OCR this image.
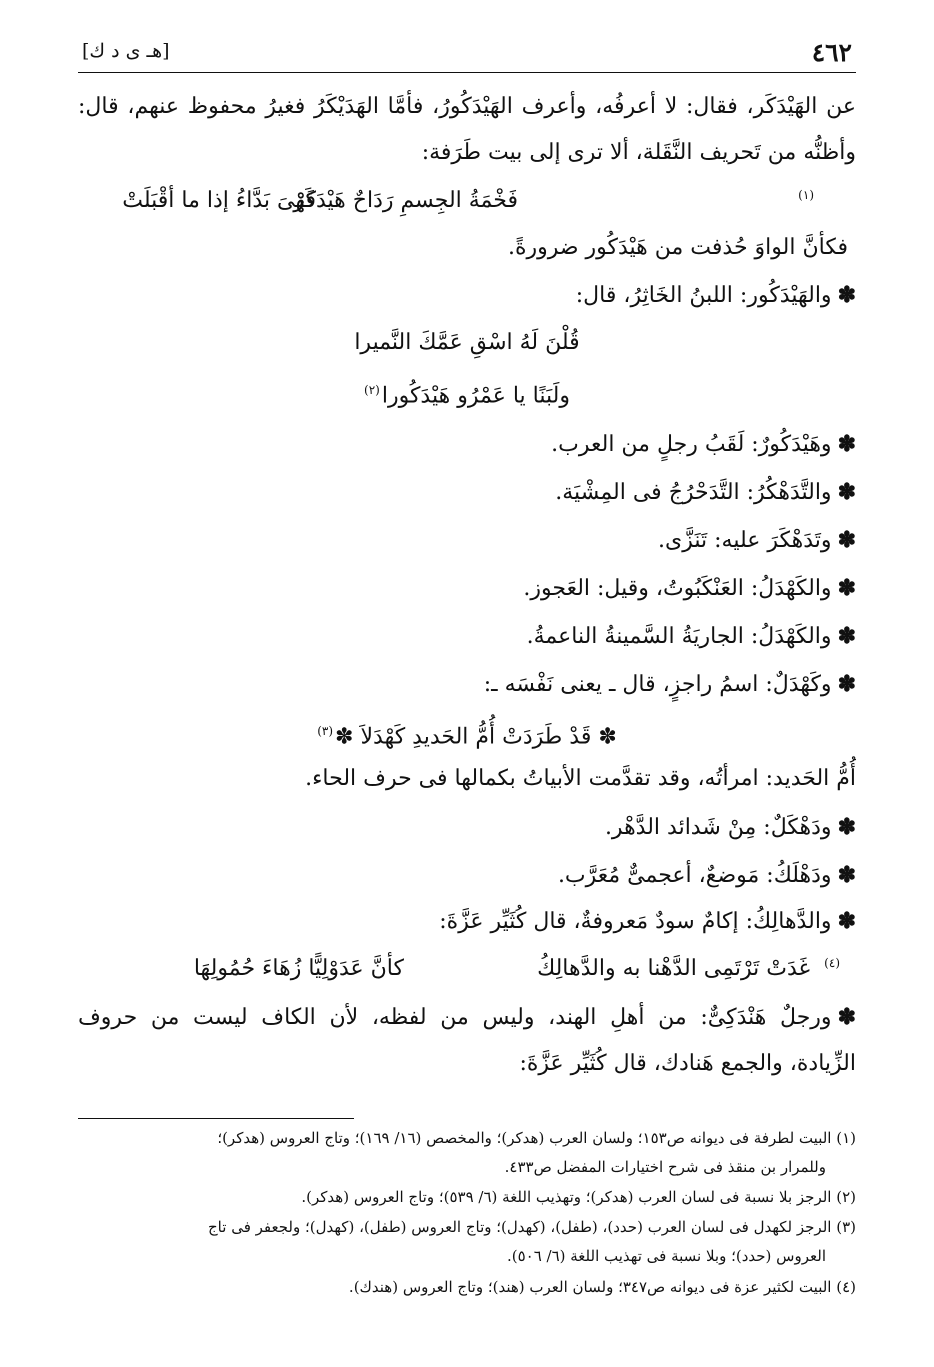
٤٦٢
[هـ ى د ك]
عن الهَيْدَكَر، فقال: لا أعرفُه، وأعرف الهَيْدَكُورُ، فأمَّا الهَدَيْكَرُ فغيرُ محفوظ عنهم، قال:
وأظنُّه من تَحريف النَّقَلة، ألا ترى إلى بيت طَرَفة:
فَخْمَةُ الجِسمِ رَدَاحٌ هَيْدَكَرْ	(١)
فَهْىَ بَدَّاءُ إذا ما أقْبَلَتْ
فكأنَّ الواوَ حُذفت من هَيْدَكُور ضرورةً.
✽والهَيْدَكُور: اللبنُ الخَاثِرُ، قال:
قُلْنَ لَهُ اسْقِ عَمَّكَ النَّميرا
ولَبَنًا يا عَمْرُو هَيْدَكُورا$^{(٢)}$
✽وهَيْدَكُورٌ: لَقَبُ رجلٍ من العرب.
✽والتَّدَهْكُرُ: التَّدَحْرُجُ فى المِشْيَة.
✽وتَدَهْكَرَ عليه: تَنَزَّى.
✽والكَهْدَلُ: العَنْكَبُوتُ، وقيل: العَجوز.
✽والكَهْدَلُ: الجاريَةُ السَّمينةُ الناعمةُ.
✽وكَهْدَلٌ: اسمُ راجزٍ، قال ـ يعنى نَفْسَه ـ:
✽ قَدْ طَرَدَتْ أُمُّ الحَديدِ كَهْدَلاَ ✽$^{(٣)}$
أُمُّ الحَديد: امرأتُه، وقد تقدَّمت الأبياتُ بكمالها فى حرف الحاء.
✽ودَهْكَلٌ: مِنْ شَدائد الدَّهْر.
✽ودَهْلَكُ: مَوضعٌ، أعجمىٌّ مُعَرَّب.
✽والدَّهالِكُ: إكامٌ سودٌ مَعروفةٌ، قال كُثَيِّر عَزَّةَ:
كأنَّ عَدَوْلِيًّا زُهَاءَ حُمُولِهَا	غَدَتْ تَرْتَمِى الدَّهْنا به والدَّهالِكُ (٤)
✽ورجلٌ هَنْدَكِىٌّ: من أهلِ الهند، وليس من لفظه، لأن الكاف ليست من حروف
الزِّيادة، والجمع هَنادك، قال كُثَيِّر عَزَّةَ:
(١) البيت لطرفة فى ديوانه ص١٥٣؛ ولسان العرب (هدكر)؛ والمخصص (١٦/ ١٦٩)؛ وتاج العروس (هدكر)؛
وللمرار بن منقذ فى شرح اختيارات المفضل ص٤٣٣.
(٢) الرجز بلا نسبة فى لسان العرب (هدكر)؛ وتهذيب اللغة (٦/ ٥٣٩)؛ وتاج العروس (هدكر).
(٣) الرجز لكهدل فى لسان العرب (حدد)، (طفل)، (كهدل)؛ وتاج العروس (طفل)، (كهدل)؛ ولجعفر فى تاج
العروس (حدد)؛ وبلا نسبة فى تهذيب اللغة (٦/ ٥٠٦).
(٤) البيت لكثير عزة فى ديوانه ص٣٤٧؛ ولسان العرب (هند)؛ وتاج العروس (هندك).
